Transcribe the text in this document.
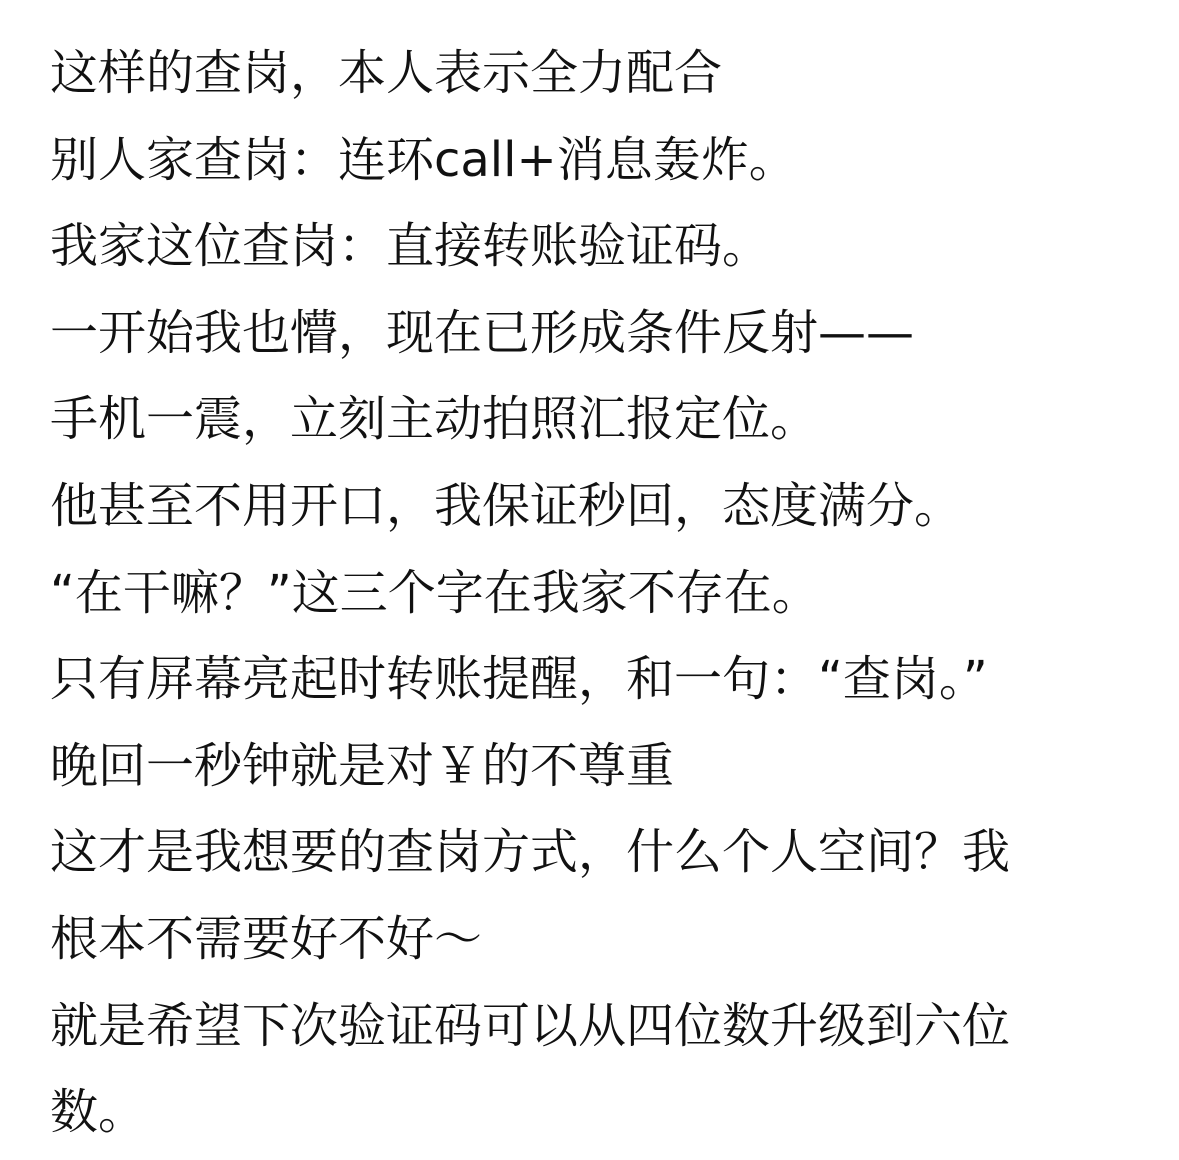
这样的查岗，本人表示全力配合
别人家查岗：连环call+消息轰炸。
我家这位查岗：直接转账验证码。
一开始我也懵，现在已形成条件反射——
手机一震，立刻主动拍照汇报定位。
他甚至不用开口，我保证秒回，态度满分。
“在干嘛？”这三个字在我家不存在。
只有屏幕亮起时转账提醒，和一句：“查岗。”
晚回一秒钟就是对￥的不尊重
这才是我想要的查岗方式，什么个人空间？我
根本不需要好不好～
就是希望下次验证码可以从四位数升级到六位
数。
